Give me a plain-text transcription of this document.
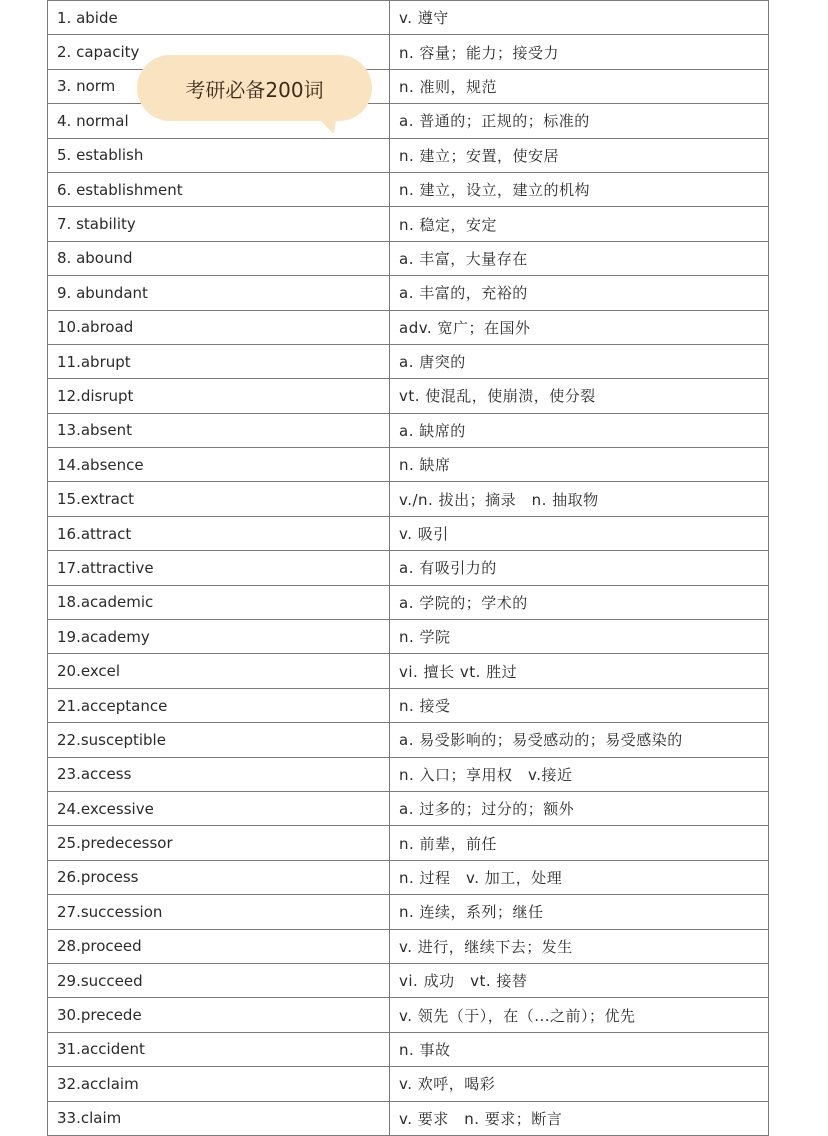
1. abide	v. 遵守
2. capacity	n. 容量；能力；接受力
3. norm	n. 准则，规范
4. normal	a. 普通的；正规的；标准的
5. establish	n. 建立；安置，使安居
6. establishment	n. 建立，设立，建立的机构
7. stability	n. 稳定，安定
8. abound	a. 丰富，大量存在
9. abundant	a. 丰富的，充裕的
10.abroad	adv. 宽广；在国外
11.abrupt	a. 唐突的
12.disrupt	vt. 使混乱，使崩溃，使分裂
13.absent	a. 缺席的
14.absence	n. 缺席
15.extract	v./n. 拔出；摘录　n. 抽取物
16.attract	v. 吸引
17.attractive	a. 有吸引力的
18.academic	a. 学院的；学术的
19.academy	n. 学院
20.excel	vi. 擅长 vt. 胜过
21.acceptance	n. 接受
22.susceptible	a. 易受影响的；易受感动的；易受感染的
23.access	n. 入口；享用权　v.接近
24.excessive	a. 过多的；过分的；额外
25.predecessor	n. 前辈，前任
26.process	n. 过程　v. 加工，处理
27.succession	n. 连续，系列；继任
28.proceed	v. 进行，继续下去；发生
29.succeed	vi. 成功　vt. 接替
30.precede	v. 领先（于），在（...之前）；优先
31.accident	n. 事故
32.acclaim	v. 欢呼，喝彩
33.claim	v. 要求　n. 要求；断言
考研必备200词
